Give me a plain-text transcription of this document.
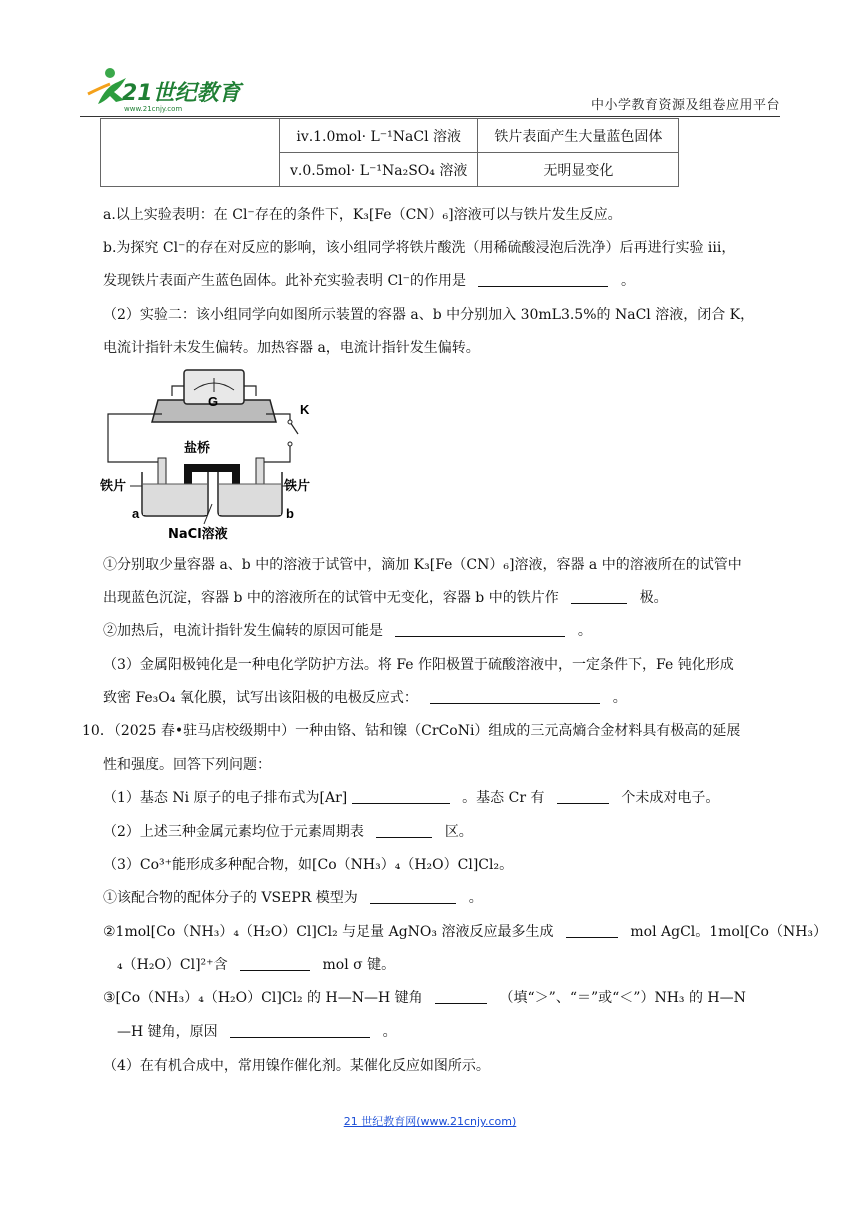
21世纪教育
www.21cnjy.com	中小学教育资源及组卷应用平台
	ⅳ.1.0mol· L⁻¹NaCl 溶液	铁片表面产生大量蓝色固体
	ⅴ.0.5mol· L⁻¹Na₂SO₄ 溶液	无明显变化
a.以上实验表明：在 Cl⁻存在的条件下，K₃[Fe（CN）₆]溶液可以与铁片发生反应。
b.为探究 Cl⁻的存在对反应的影响，该小组同学将铁片酸洗（用稀硫酸浸泡后洗净）后再进行实验 iii，
发现铁片表面产生蓝色固体。此补充实验表明 Cl⁻的作用是	。
（2）实验二：该小组同学向如图所示装置的容器 a、b 中分别加入 30mL3.5%的 NaCl 溶液，闭合 K，
电流计指针未发生偏转。加热容器 a，电流计指针发生偏转。
G
K
盐桥
铁片	铁片
a	b
NaCl溶液
①分别取少量容器 a、b 中的溶液于试管中，滴加 K₃[Fe（CN）₆]溶液，容器 a 中的溶液所在的试管中
出现蓝色沉淀，容器 b 中的溶液所在的试管中无变化，容器 b 中的铁片作	极。
②加热后，电流计指针发生偏转的原因可能是	。
（3）金属阳极钝化是一种电化学防护方法。将 Fe 作阳极置于硫酸溶液中，一定条件下，Fe 钝化形成
致密 Fe₃O₄ 氧化膜，试写出该阳极的电极反应式：	。
10．（2025 春•驻马店校级期中）一种由铬、钴和镍（CrCoNi）组成的三元高熵合金材料具有极高的延展
性和强度。回答下列问题：
（1）基态 Ni 原子的电子排布式为[Ar]	。基态 Cr 有	个未成对电子。
（2）上述三种金属元素均位于元素周期表	区。
（3）Co³⁺能形成多种配合物，如[Co（NH₃）₄（H₂O）Cl]Cl₂。
①该配合物的配体分子的 VSEPR 模型为	。
②1mol[Co（NH₃）₄（H₂O）Cl]Cl₂ 与足量 AgNO₃ 溶液反应最多生成	mol AgCl。1mol[Co（NH₃）
₄（H₂O）Cl]²⁺含	mol σ 键。
③[Co（NH₃）₄（H₂O）Cl]Cl₂ 的 H—N—H 键角	（填“＞”、“＝”或“＜”）NH₃ 的 H—N
—H 键角，原因	。
（4）在有机合成中，常用镍作催化剂。某催化反应如图所示。
21 世纪教育网(www.21cnjy.com)
